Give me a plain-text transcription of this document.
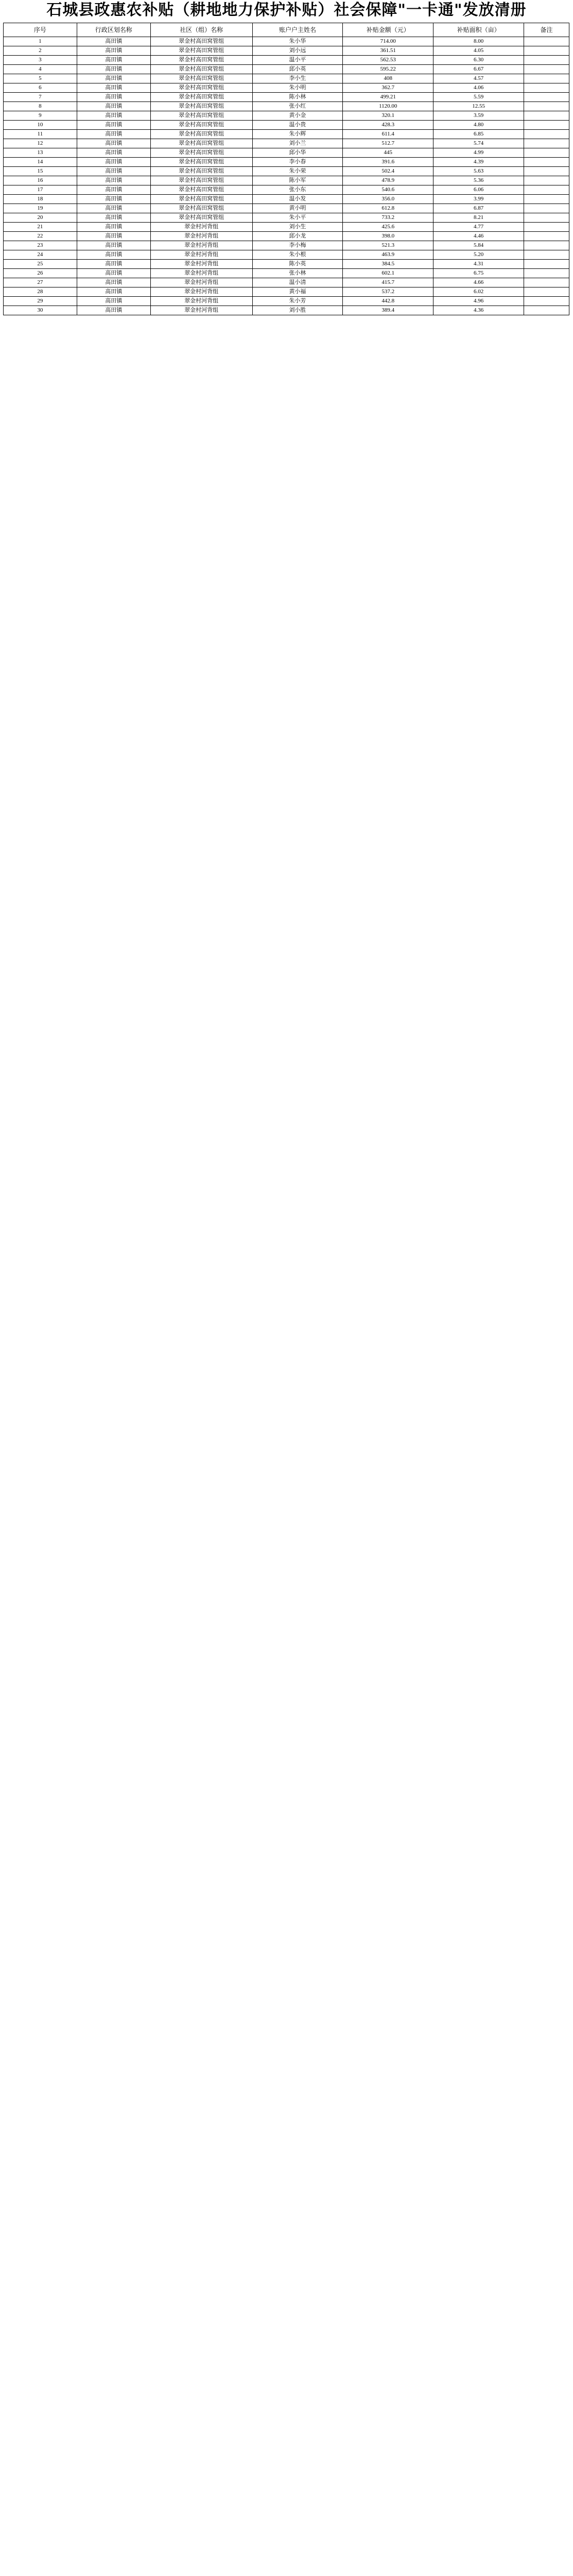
石城县政惠农补贴（耕地地力保护补贴）社会保障"一卡通"发放清册
序号	行政区划名称	社区（组）名称	账户户主姓名	补贴金额（元）	补贴面积（亩）	备注
1	高田镇	翠金村高田窝管组	朱小华	714.00	8.00	
2	高田镇	翠金村高田窝管组	刘小远	361.51	4.05	
3	高田镇	翠金村高田窝管组	温小平	562.53	6.30	
4	高田镇	翠金村高田窝管组	邱小英	595.22	6.67	
5	高田镇	翠金村高田窝管组	李小生	408	4.57	
6	高田镇	翠金村高田窝管组	朱小明	362.7	4.06	
7	高田镇	翠金村高田窝管组	陈小林	499.21	5.59	
8	高田镇	翠金村高田窝管组	张小红	1120.00	12.55	
9	高田镇	翠金村高田窝管组	黄小金	320.1	3.59	
10	高田镇	翠金村高田窝管组	温小贵	428.3	4.80	
11	高田镇	翠金村高田窝管组	朱小辉	611.4	6.85	
12	高田镇	翠金村高田窝管组	刘小兰	512.7	5.74	
13	高田镇	翠金村高田窝管组	邱小华	445	4.99	
14	高田镇	翠金村高田窝管组	李小春	391.6	4.39	
15	高田镇	翠金村高田窝管组	朱小荣	502.4	5.63	
16	高田镇	翠金村高田窝管组	陈小军	478.9	5.36	
17	高田镇	翠金村高田窝管组	张小东	540.6	6.06	
18	高田镇	翠金村高田窝管组	温小发	356.0	3.99	
19	高田镇	翠金村高田窝管组	黄小明	612.8	6.87	
20	高田镇	翠金村高田窝管组	朱小平	733.2	8.21	
21	高田镇	翠金村河背组	刘小生	425.6	4.77	
22	高田镇	翠金村河背组	邱小龙	398.0	4.46	
23	高田镇	翠金村河背组	李小梅	521.3	5.84	
24	高田镇	翠金村河背组	朱小根	463.9	5.20	
25	高田镇	翠金村河背组	陈小英	384.5	4.31	
26	高田镇	翠金村河背组	张小林	602.1	6.75	
27	高田镇	翠金村河背组	温小清	415.7	4.66	
28	高田镇	翠金村河背组	黄小福	537.2	6.02	
29	高田镇	翠金村河背组	朱小芳	442.8	4.96	
30	高田镇	翠金村河背组	刘小胜	389.4	4.36	
